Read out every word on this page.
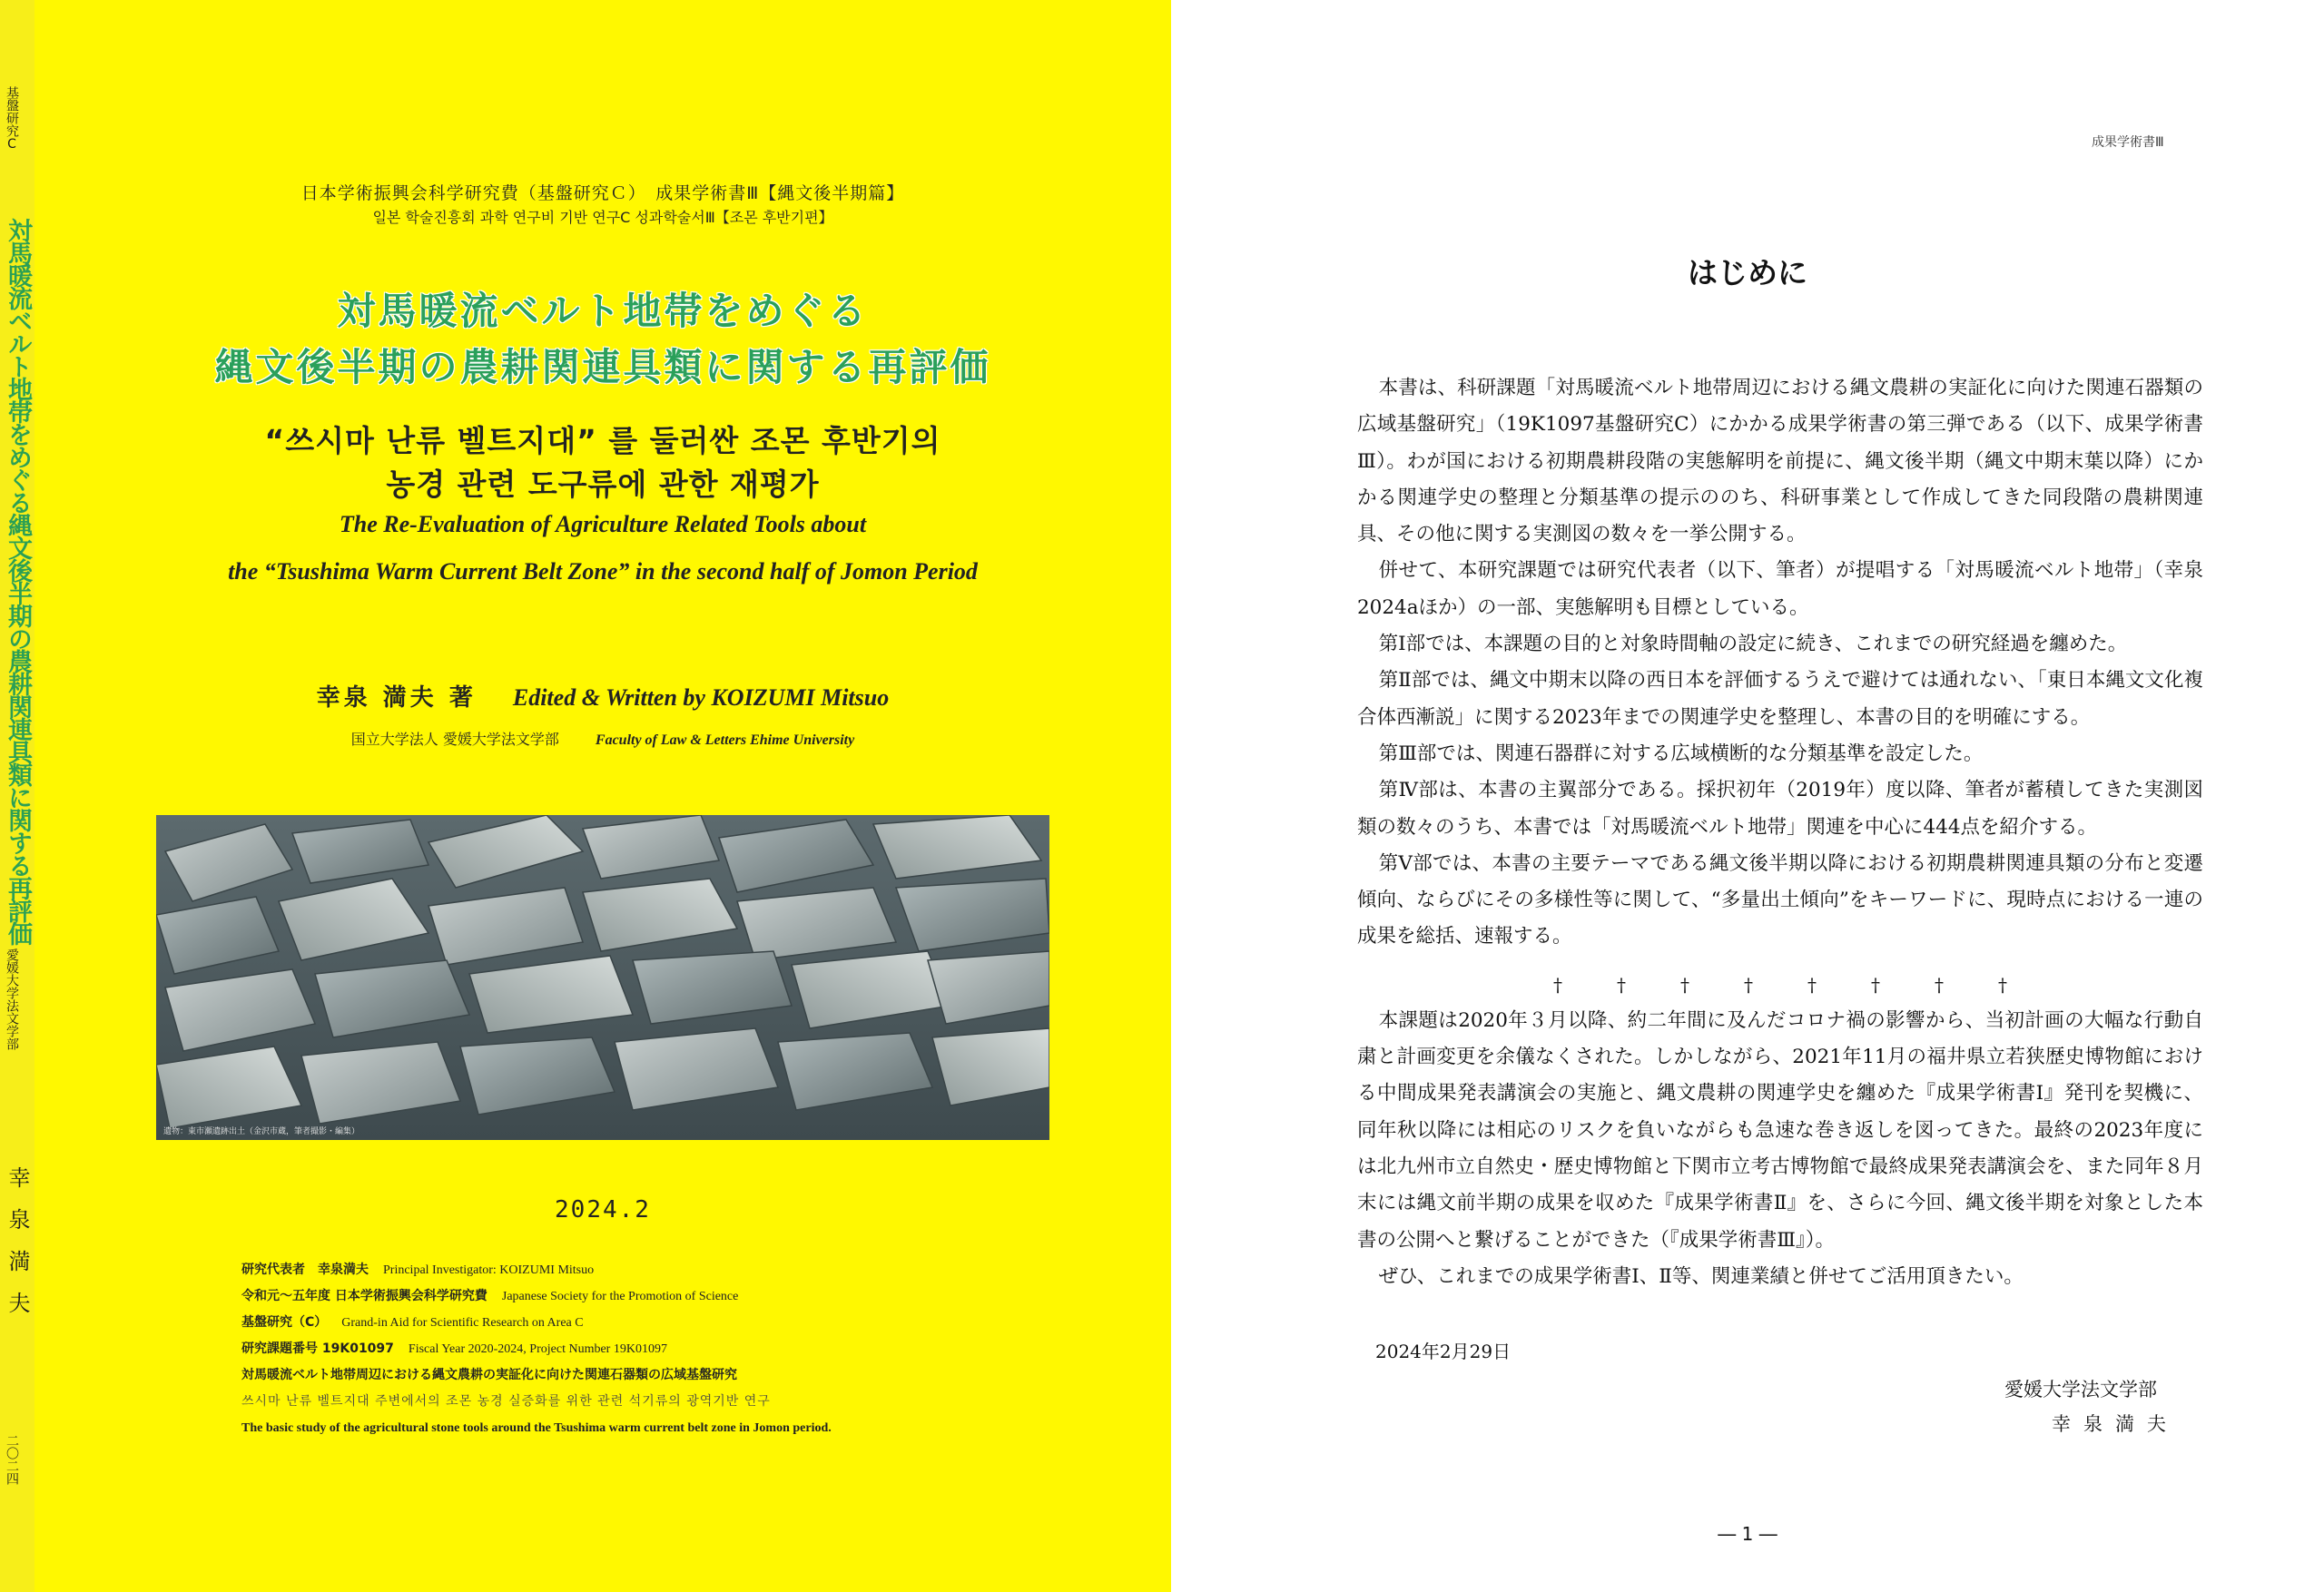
基盤研究C
対馬暖流ベルト地帯をめぐる縄文後半期の農耕関連具類に関する再評価
愛媛大学法文学部
幸泉満夫
二〇二四
日本学術振興会科学研究費（基盤研究Ｃ）　成果学術書Ⅲ【縄文後半期篇】
일본 학술진흥회 과학 연구비 기반 연구C 성과학술서Ⅲ【조몬 후반기편】
対馬暖流ベルト地帯をめぐる
縄文後半期の農耕関連具類に関する再評価
“쓰시마 난류 벨트지대” 를 둘러싼 조몬 후반기의
농경 관련 도구류에 관한 재평가
The Re-Evaluation of Agriculture Related Tools about
the “Tsushima Warm Current Belt Zone” in the second half of Jomon Period
幸泉 満夫 著 Edited & Written by KOIZUMI Mitsuo
国立大学法人 愛媛大学法文学部	Faculty of Law & Letters Ehime University
遺物：東市瀬遺跡出土（金沢市蔵，筆者撮影・編集）
2024.2
研究代表者　幸泉満夫 Principal Investigator: KOIZUMI Mitsuo
令和元～五年度 日本学術振興会科学研究費 Japanese Society for the Promotion of Science
基盤研究（C） Grand-in Aid for Scientific Research on Area C
研究課題番号 19K01097 Fiscal Year 2020-2024, Project Number 19K01097
対馬暖流ベルト地帯周辺における縄文農耕の実証化に向けた関連石器類の広域基盤研究
쓰시마 난류 벨트지대 주변에서의 조몬 농경 실증화를 위한 관련 석기류의 광역기반 연구
The basic study of the agricultural stone tools around the Tsushima warm current belt zone in Jomon period.
成果学術書Ⅲ
はじめに

本書は、科研課題「対馬暖流ベルト地帯周辺における縄文農耕の実証化に向けた関連石器類の広域基盤研究」（19K1097基盤研究C）にかかる成果学術書の第三弾である（以下、成果学術書Ⅲ）。わが国における初期農耕段階の実態解明を前提に、縄文後半期（縄文中期末葉以降）にかかる関連学史の整理と分類基準の提示ののち、科研事業として作成してきた同段階の農耕関連具、その他に関する実測図の数々を一挙公開する。

併せて、本研究課題では研究代表者（以下、筆者）が提唱する「対馬暖流ベルト地帯」（幸泉2024aほか）の一部、実態解明も目標としている。

第Ⅰ部では、本課題の目的と対象時間軸の設定に続き、これまでの研究経過を纏めた。

第Ⅱ部では、縄文中期末以降の西日本を評価するうえで避けては通れない、「東日本縄文文化複合体西漸説」に関する2023年までの関連学史を整理し、本書の目的を明確にする。

第Ⅲ部では、関連石器群に対する広域横断的な分類基準を設定した。

第Ⅳ部は、本書の主翼部分である。採択初年（2019年）度以降、筆者が蓄積してきた実測図類の数々のうち、本書では「対馬暖流ベルト地帯」関連を中心に444点を紹介する。

第Ⅴ部では、本書の主要テーマである縄文後半期以降における初期農耕関連具類の分布と変遷傾向、ならびにその多様性等に関して、“多量出土傾向”をキーワードに、現時点における一連の成果を総括、速報する。

†	†	†	†	†	†	†	†

本課題は2020年３月以降、約二年間に及んだコロナ禍の影響から、当初計画の大幅な行動自粛と計画変更を余儀なくされた。しかしながら、2021年11月の福井県立若狭歴史博物館における中間成果発表講演会の実施と、縄文農耕の関連学史を纏めた『成果学術書Ⅰ』発刊を契機に、同年秋以降には相応のリスクを負いながらも急速な巻き返しを図ってきた。最終の2023年度には北九州市立自然史・歴史博物館と下関市立考古博物館で最終成果発表講演会を、また同年８月末には縄文前半期の成果を収めた『成果学術書Ⅱ』を、さらに今回、縄文後半期を対象とした本書の公開へと繋げることができた（『成果学術書Ⅲ』）。

ぜひ、これまでの成果学術書Ⅰ、Ⅱ等、関連業績と併せてご活用頂きたい。

2024年2月29日
愛媛大学法文学部
幸泉満夫
― 1 ―
